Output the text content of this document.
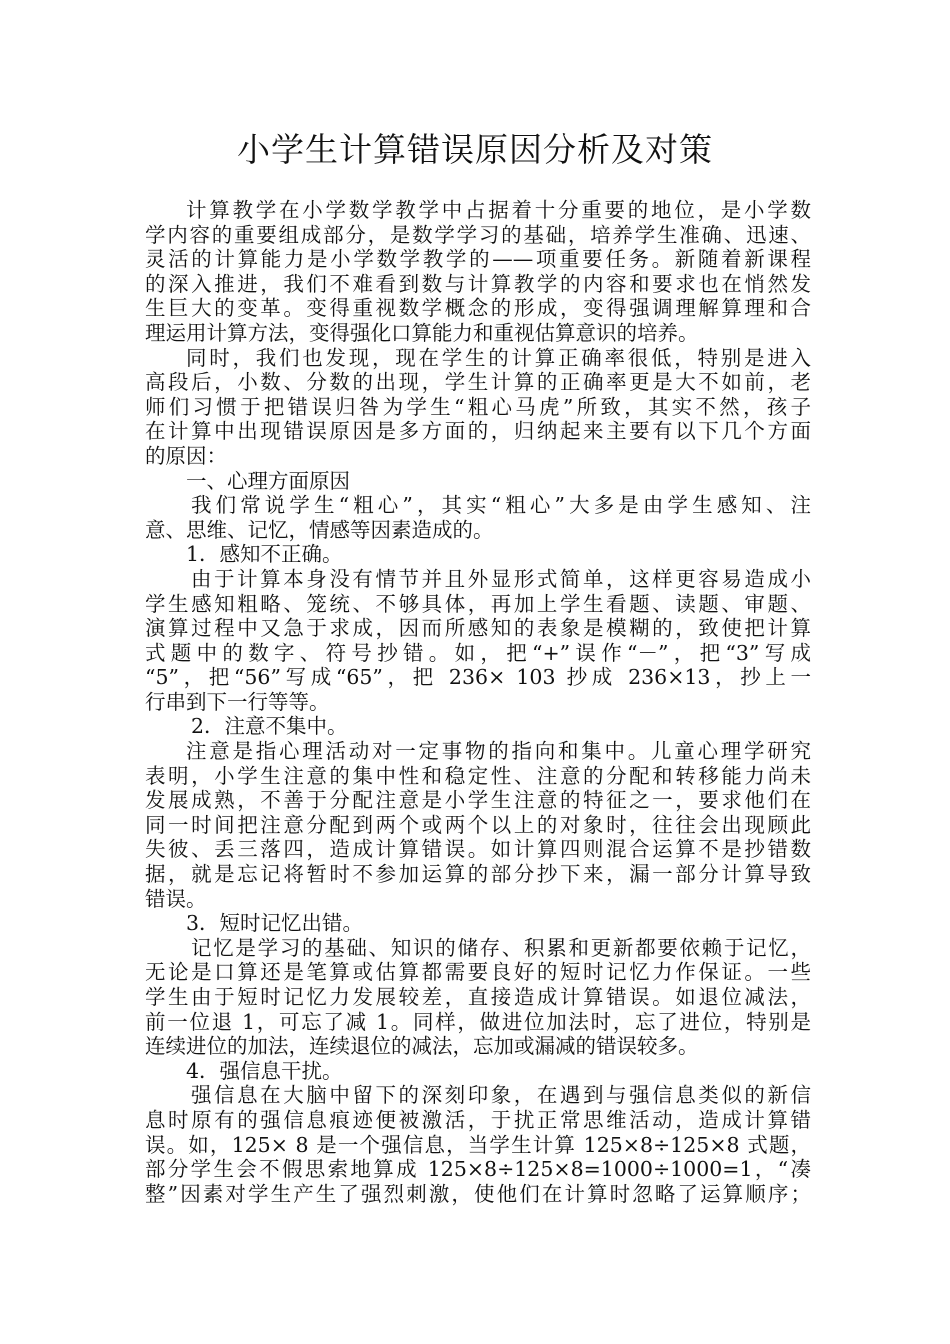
小学生计算错误原因分析及对策
计算教学在小学数学教学中占据着十分重要的地位，是小学数
学内容的重要组成部分，是数学学习的基础，培养学生准确、迅速、
灵活的计算能力是小学数学教学的——项重要任务。新随着新课程
的深入推进，我们不难看到数与计算教学的内容和要求也在悄然发
生巨大的变革。变得重视数学概念的形成，变得强调理解算理和合
理运用计算方法，变得强化口算能力和重视估算意识的培养。
同时，我们也发现，现在学生的计算正确率很低，特别是进入
高段后，小数、分数的出现，学生计算的正确率更是大不如前，老
师们习惯于把错误归咎为学生“粗心马虎”所致，其实不然，孩子
在计算中出现错误原因是多方面的，归纳起来主要有以下几个方面
的原因：
一、心理方面原因
我们常说学生“粗心”，其实“粗心”大多是由学生感知、注
意、思维、记忆，情感等因素造成的。
1．感知不正确。
由于计算本身没有情节并且外显形式简单，这样更容易造成小
学生感知粗略、笼统、不够具体，再加上学生看题、读题、审题、
演算过程中又急于求成，因而所感知的表象是模糊的，致使把计算
式题中的数字、符号抄错。如，把“+”误作“－”，把“3”写成
“5”，把“56”写成“65”，把 236× 103 抄成 236×13，抄上一
行串到下一行等等。
2．注意不集中。
注意是指心理活动对一定事物的指向和集中。儿童心理学研究
表明，小学生注意的集中性和稳定性、注意的分配和转移能力尚未
发展成熟，不善于分配注意是小学生注意的特征之一，要求他们在
同一时间把注意分配到两个或两个以上的对象时，往往会出现顾此
失彼、丢三落四，造成计算错误。如计算四则混合运算不是抄错数
据，就是忘记将暂时不参加运算的部分抄下来，漏一部分计算导致
错误。
3．短时记忆出错。
记忆是学习的基础、知识的储存、积累和更新都要依赖于记忆，
无论是口算还是笔算或估算都需要良好的短时记忆力作保证。一些
学生由于短时记忆力发展较差，直接造成计算错误。如退位减法，
前一位退 1，可忘了减 1。同样，做进位加法时，忘了进位，特别是
连续进位的加法，连续退位的减法，忘加或漏减的错误较多。
4．强信息干扰。
强信息在大脑中留下的深刻印象，在遇到与强信息类似的新信
息时原有的强信息痕迹便被激活，于扰正常思维活动，造成计算错
误。如，125× 8 是一个强信息，当学生计算 125×8÷125×8 式题，
部分学生会不假思索地算成 125×8÷125×8=1000÷1000=1，“凑
整”因素对学生产生了强烈刺激，使他们在计算时忽略了运算顺序；
